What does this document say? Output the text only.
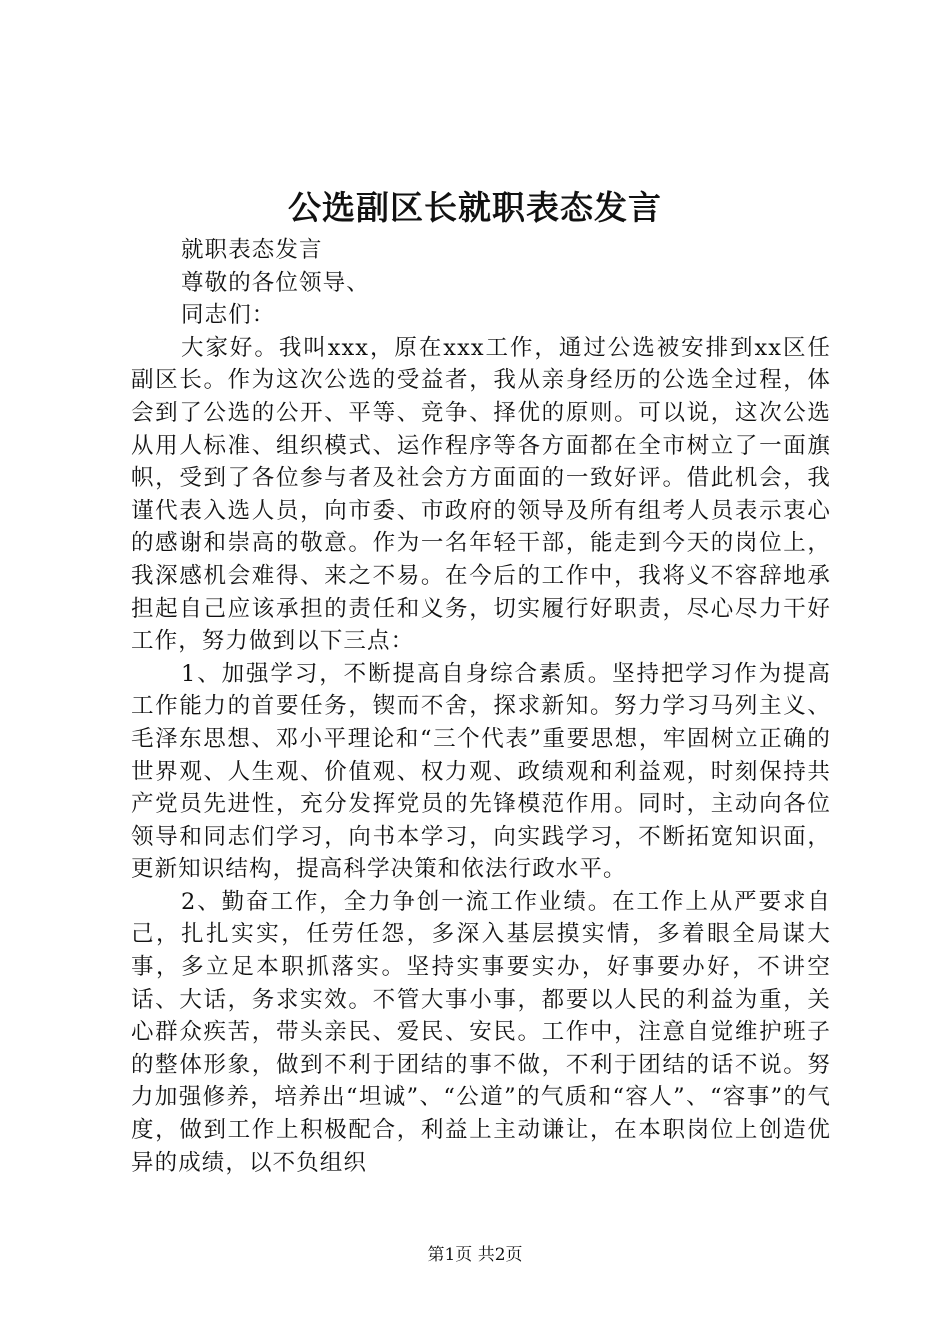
公选副区长就职表态发言

就职表态发言

尊敬的各位领导、

同志们：

大家好。我叫xxx，原在xxx工作，通过公选被安排到xx区任副区长。作为这次公选的受益者，我从亲身经历的公选全过程，体会到了公选的公开、平等、竞争、择优的原则。可以说，这次公选从用人标准、组织模式、运作程序等各方面都在全市树立了一面旗帜，受到了各位参与者及社会方方面面的一致好评。借此机会，我谨代表入选人员，向市委、市政府的领导及所有组考人员表示衷心的感谢和崇高的敬意。作为一名年轻干部，能走到今天的岗位上，我深感机会难得、来之不易。在今后的工作中，我将义不容辞地承担起自己应该承担的责任和义务，切实履行好职责，尽心尽力干好工作，努力做到以下三点：

1、加强学习，不断提高自身综合素质。坚持把学习作为提高工作能力的首要任务，锲而不舍，探求新知。努力学习马列主义、毛泽东思想、邓小平理论和“三个代表”重要思想，牢固树立正确的世界观、人生观、价值观、权力观、政绩观和利益观，时刻保持共产党员先进性，充分发挥党员的先锋模范作用。同时，主动向各位领导和同志们学习，向书本学习，向实践学习，不断拓宽知识面，更新知识结构，提高科学决策和依法行政水平。

2、勤奋工作，全力争创一流工作业绩。在工作上从严要求自己，扎扎实实，任劳任怨，多深入基层摸实情，多着眼全局谋大事，多立足本职抓落实。坚持实事要实办，好事要办好，不讲空话、大话，务求实效。不管大事小事，都要以人民的利益为重，关心群众疾苦，带头亲民、爱民、安民。工作中，注意自觉维护班子的整体形象，做到不利于团结的事不做，不利于团结的话不说。努力加强修养，培养出“坦诚”、“公道”的气质和“容人”、“容事”的气度，做到工作上积极配合，利益上主动谦让，在本职岗位上创造优异的成绩，以不负组织

第1页 共2页
